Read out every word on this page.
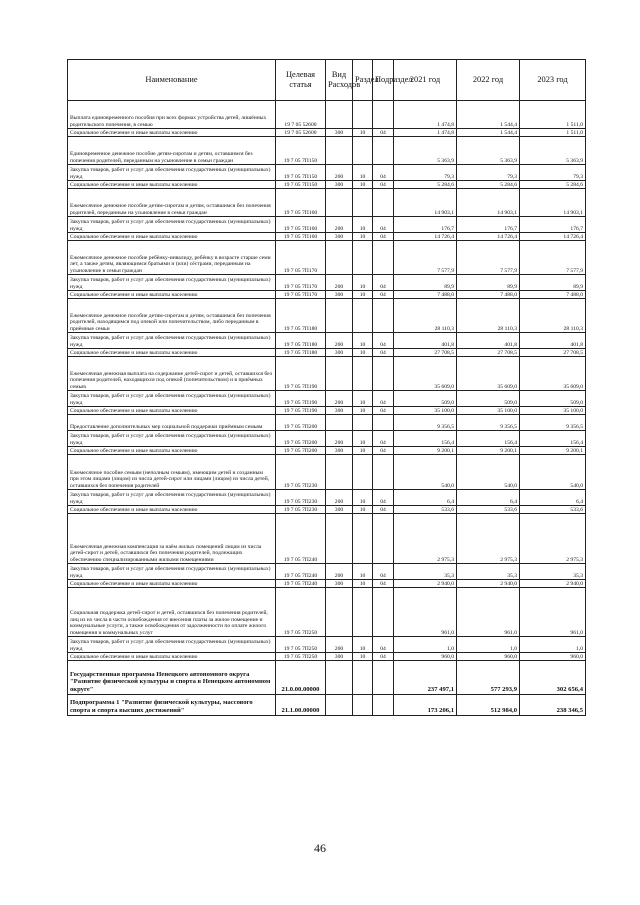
Наименование	Целевая статья	Вид Расходов	Раздел	Подраздел	2021 год	2022 год	2023 год
Выплата единовременного пособия при всех формах устройства детей, лишённых родительского попечения, в семью	19 7 05 52600				1 474,8	1 544,4	1 511,0
Социальное обеспечение и иные выплаты населению	19 7 05 52600	300	10	04	1 474,8	1 544,4	1 511,0
Единовременное денежное пособие детям-сиротам и детям, оставшимся без попечения родителей, переданным на усыновление в семьи граждан	19 7 05 7П150				5 363,9	5 363,9	5 363,9
Закупка товаров, работ и услуг для обеспечения государственных (муниципальных) нужд	19 7 05 7П150	200	10	04	79,3	79,3	79,3
Социальное обеспечение и иные выплаты населению	19 7 05 7П150	300	10	04	5 284,6	5 284,6	5 284,6
Ежемесячное денежное пособие детям-сиротам и детям, оставшимся без попечения родителей, переданным на усыновление в семьи граждан	19 7 05 7П160				14 903,1	14 903,1	14 903,1
Закупка товаров, работ и услуг для обеспечения государственных (муниципальных) нужд	19 7 05 7П160	200	10	04	176,7	176,7	176,7
Социальное обеспечение и иные выплаты населению	19 7 05 7П160	300	10	04	14 726,4	14 726,4	14 726,4
Ежемесячное денежное пособие ребёнку-инвалиду, ребёнку в возрасте старше семи лет, а также детям, являющимся братьями и (или) сёстрами, переданным на усыновление в семьи граждан	19 7 05 7П170				7 577,9	7 577,9	7 577,9
Закупка товаров, работ и услуг для обеспечения государственных (муниципальных) нужд	19 7 05 7П170	200	10	04	89,9	89,9	89,9
Социальное обеспечение и иные выплаты населению	19 7 05 7П170	300	10	04	7 488,0	7 488,0	7 488,0
Ежемесячное денежное пособие детям-сиротам и детям, оставшимся без попечения родителей, находящимся под опекой или попечительством, либо переданным в приёмные семьи	19 7 05 7П180				28 110,3	28 110,3	28 110,3
Закупка товаров, работ и услуг для обеспечения государственных (муниципальных) нужд	19 7 05 7П180	200	10	04	401,8	401,8	401,8
Социальное обеспечение и иные выплаты населению	19 7 05 7П180	300	10	04	27 708,5	27 708,5	27 708,5
Ежемесячная денежная выплата на содержание детей-сирот и детей, оставшихся без попечения родителей, находящихся под опекой (попечительством) и в приёмных семьях	19 7 05 7П190				35 609,0	35 609,0	35 609,0
Закупка товаров, работ и услуг для обеспечения государственных (муниципальных) нужд	19 7 05 7П190	200	10	04	509,0	509,0	509,0
Социальное обеспечение и иные выплаты населению	19 7 05 7П190	300	10	04	35 100,0	35 100,0	35 100,0
Предоставление дополнительных мер социальной поддержки приёмным семьям	19 7 05 7П200				9 356,5	9 356,5	9 356,5
Закупка товаров, работ и услуг для обеспечения государственных (муниципальных) нужд	19 7 05 7П200	200	10	04	156,4	156,4	156,4
Социальное обеспечение и иные выплаты населению	19 7 05 7П200	300	10	04	9 200,1	9 200,1	9 200,1
Ежемесячное пособие семьям (неполным семьям), имеющим детей и созданным при этом лицами (лицом) из числа детей-сирот или лицами (лицом) из числа детей, оставшихся без попечения родителей	19 7 05 7П230				540,0	540,0	540,0
Закупка товаров, работ и услуг для обеспечения государственных (муниципальных) нужд	19 7 05 7П230	200	10	04	6,4	6,4	6,4
Социальное обеспечение и иные выплаты населению	19 7 05 7П230	300	10	04	533,6	533,6	533,6
Ежемесячная денежная компенсация за наём жилых помещений лицам из числа детей-сирот и детей, оставшихся без попечения родителей, подлежащих обеспечению специализированными жилыми помещениями	19 7 05 7П240				2 975,3	2 975,3	2 975,3
Закупка товаров, работ и услуг для обеспечения государственных (муниципальных) нужд	19 7 05 7П240	200	10	04	35,3	35,3	35,3
Социальное обеспечение и иные выплаты населению	19 7 05 7П240	300	10	04	2 940,0	2 940,0	2 940,0
Социальная поддержка детей-сирот и детей, оставшихся без попечения родителей, лиц из их числа в части освобождения от внесения платы за жилое помещение и коммунальные услуги, а также освобождения от задолженности по оплате жилого помещения и коммунальных услуг	19 7 05 7П250				961,0	961,0	961,0
Закупка товаров, работ и услуг для обеспечения государственных (муниципальных) нужд	19 7 05 7П250	200	10	04	1,0	1,0	1,0
Социальное обеспечение и иные выплаты населению	19 7 05 7П250	300	10	04	960,0	960,0	960,0
Государственная программа Ненецкого автономного округа "Развитие физической культуры и спорта в Ненецком автономном округе"	21.0.00.00000				237 497,1	577 293,9	302 656,4
Подпрограмма 1 "Развитие физической культуры, массового спорта и спорта высших достижений"	21.1.00.00000				173 206,1	512 984,0	238 346,5
46
